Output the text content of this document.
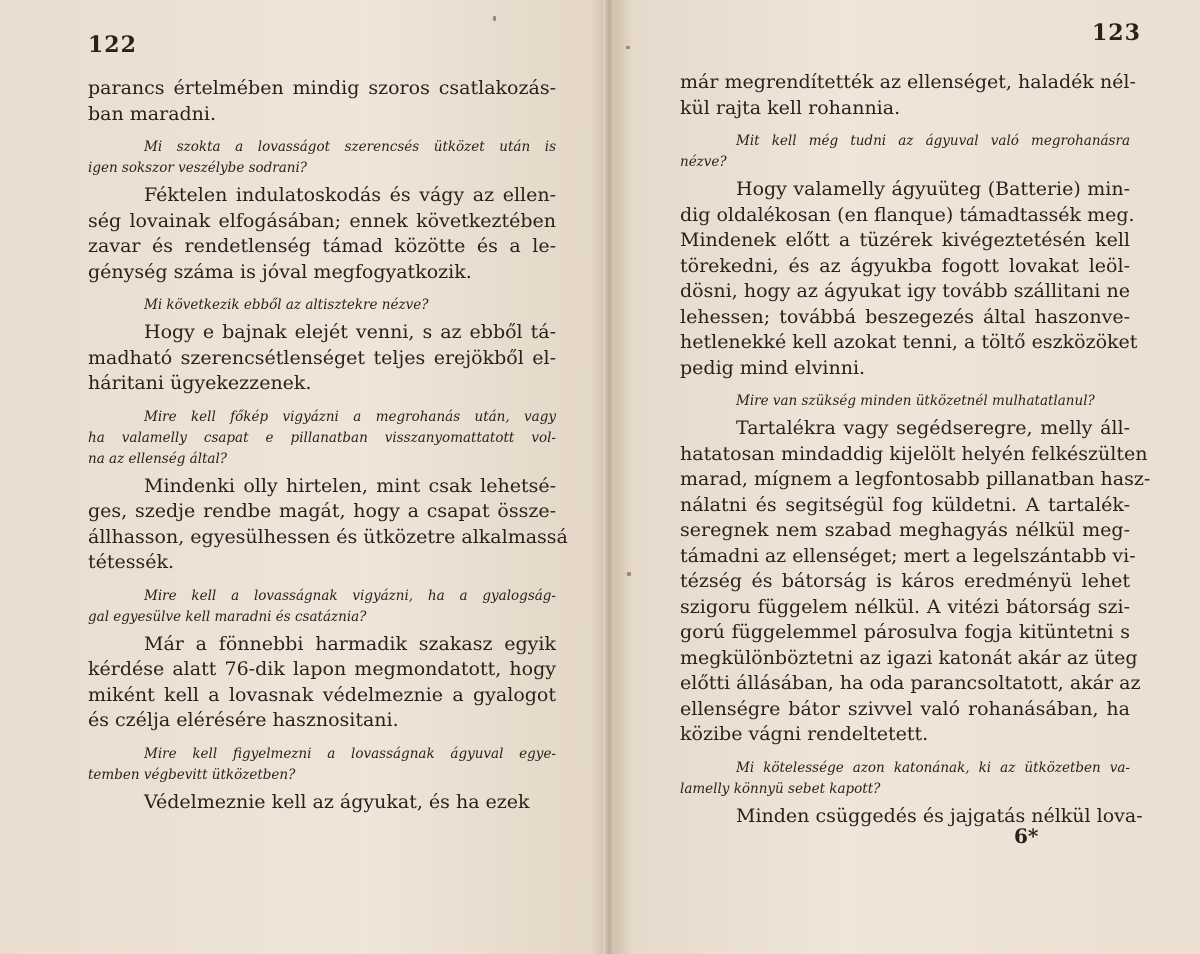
122	123
parancs értelmében mindig szoros csatlakozás-
ban maradni.
Mi szokta a lovasságot szerencsés ütközet után is
igen sokszor veszélybe sodrani?
Féktelen indulatoskodás és vágy az ellen-
ség lovainak elfogásában; ennek következtében
zavar és rendetlenség támad közötte és a le-
génység száma is jóval megfogyatkozik.
Mi következik ebből az altisztekre nézve?
Hogy e bajnak elejét venni, s az ebből tá-
madható szerencsétlenséget teljes erejökből el-
háritani ügyekezzenek.
Mire kell főkép vigyázni a megrohanás után, vagy
ha valamelly csapat e pillanatban visszanyomattatott vol-
na az ellenség által?
Mindenki olly hirtelen, mint csak lehetsé-
ges, szedje rendbe magát, hogy a csapat össze-
állhasson, egyesülhessen és ütközetre alkalmassá
tétessék.
Mire kell a lovasságnak vigyázni, ha a gyalogság-
gal egyesülve kell maradni és csatáznia?
Már a fönnebbi harmadik szakasz egyik
kérdése alatt 76-dik lapon megmondatott, hogy
miként kell a lovasnak védelmeznie a gyalogot
és czélja elérésére hasznositani.
Mire kell figyelmezni a lovasságnak ágyuval egye-
temben végbevitt ütközetben?
Védelmeznie kell az ágyukat, és ha ezek
már megrendítették az ellenséget, haladék nél-
kül rajta kell rohannia.
Mit kell még tudni az ágyuval való megrohanásra
nézve?
Hogy valamelly ágyuüteg (Batterie) min-
dig oldalékosan (en flanque) támadtassék meg.
Mindenek előtt a tüzérek kivégeztetésén kell
törekedni, és az ágyukba fogott lovakat leöl-
dösni, hogy az ágyukat igy tovább szállitani ne
lehessen; továbbá beszegezés által haszonve-
hetlenekké kell azokat tenni, a töltő eszközöket
pedig mind elvinni.
Mire van szükség minden ütközetnél mulhatatlanul?
Tartalékra vagy segédseregre, melly áll-
hatatosan mindaddig kijelölt helyén felkészülten
marad, mígnem a legfontosabb pillanatban hasz-
nálatni és segitségül fog küldetni. A tartalék-
seregnek nem szabad meghagyás nélkül meg-
támadni az ellenséget; mert a legelszántabb vi-
tézség és bátorság is káros eredményü lehet
szigoru függelem nélkül. A vitézi bátorság szi-
gorú függelemmel párosulva fogja kitüntetni s
megkülönböztetni az igazi katonát akár az üteg
előtti állásában, ha oda parancsoltatott, akár az
ellenségre bátor szivvel való rohanásában, ha
közibe vágni rendeltetett.
Mi kötelessége azon katonának, ki az ütközetben va-
lamelly könnyü sebet kapott?
Minden csüggedés és jajgatás nélkül lova-
6*
